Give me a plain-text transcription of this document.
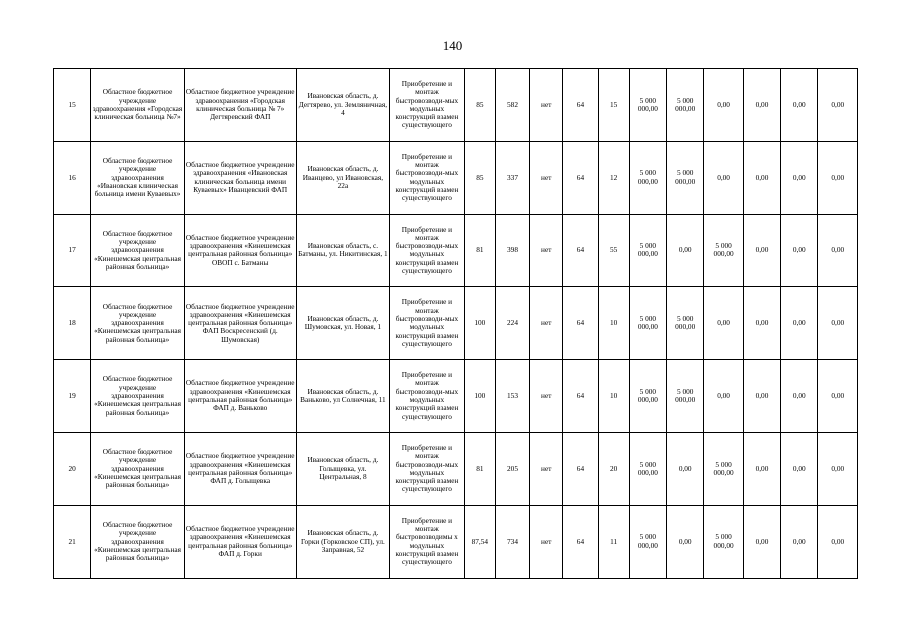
140
15	Областное бюджетное учреждение здравоохранения «Городская клиническая больница №7»	Областное бюджетное учреждение здравоохранения «Городская клиническая больница № 7» Дегтяревский ФАП	Ивановская область, д. Дегтярево, ул. Земляничная, 4	Приобретение и монтаж быстровозводи-мых модульных конструкций взамен существующего	85	582	нет	64	15	5 000 000,00	5 000 000,00	0,00	0,00	0,00	0,00
16	Областное бюджетное учреждение здравоохранения «Ивановская клиническая больница имени Куваевых»	Областное бюджетное учреждение здравоохранения «Ивановская клиническая больница имени Куваевых» Иванцевский ФАП	Ивановская область, д. Иванцево, ул Ивановская, 22а	Приобретение и монтаж быстровозводи-мых модульных конструкций взамен существующего	85	337	нет	64	12	5 000 000,00	5 000 000,00	0,00	0,00	0,00	0,00
17	Областное бюджетное учреждение здравоохранения «Кинешемская центральная районная больница»	Областное бюджетное учреждение здравоохранения «Кинешемская центральная районная больница» ОВОП с. Батманы	Ивановская область, с. Батманы, ул. Никитинская, 1	Приобретение и монтаж быстровозводи-мых модульных конструкций взамен существующего	81	398	нет	64	55	5 000 000,00	0,00	5 000 000,00	0,00	0,00	0,00
18	Областное бюджетное учреждение здравоохранения «Кинешемская центральная районная больница»	Областное бюджетное учреждение здравоохранения «Кинешемская центральная районная больница» ФАП Воскресенский (д. Шумовская)	Ивановская область, д. Шумовская, ул. Новая, 1	Приобретение и монтаж быстровозводи-мых модульных конструкций взамен существующего	100	224	нет	64	10	5 000 000,00	5 000 000,00	0,00	0,00	0,00	0,00
19	Областное бюджетное учреждение здравоохранения «Кинешемская центральная районная больница»	Областное бюджетное учреждение здравоохранения «Кинешемская центральная районная больница» ФАП д. Ваньково	Ивановская область, д. Ваньково, ул Солнечная, 11	Приобретение и монтаж быстровозводи-мых модульных конструкций взамен существующего	100	153	нет	64	10	5 000 000,00	5 000 000,00	0,00	0,00	0,00	0,00
20	Областное бюджетное учреждение здравоохранения «Кинешемская центральная районная больница»	Областное бюджетное учреждение здравоохранения «Кинешемская центральная районная больница» ФАП д. Голыщевка	Ивановская область, д. Голыщевка, ул. Центральная, 8	Приобретение и монтаж быстровозводи-мых модульных конструкций взамен существующего	81	205	нет	64	20	5 000 000,00	0,00	5 000 000,00	0,00	0,00	0,00
21	Областное бюджетное учреждение здравоохранения «Кинешемская центральная районная больница»	Областное бюджетное учреждение здравоохранения «Кинешемская центральная районная больница» ФАП д. Горки	Ивановская область, д. Горки (Горковское СП), ул. Заправная, 52	Приобретение и монтаж быстровозводимы х модульных конструкций взамен существующего	87,54	734	нет	64	11	5 000 000,00	0,00	5 000 000,00	0,00	0,00	0,00
